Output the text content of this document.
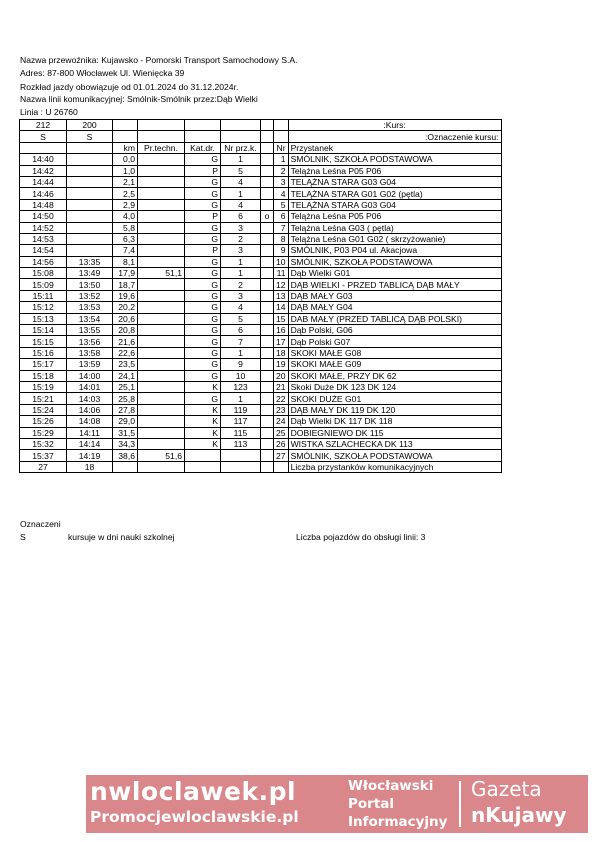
Nazwa przewoźnika: Kujawsko - Pomorski Transport Samochodowy S.A.
Adres: 87-800 Włocławek Ul. Wienięcka 39
Rozkład jazdy obowiązuje od 01.01.2024 do 31.12.2024r.
Nazwa linii komunikacyjnej: Smólnik-Smólnik przez:Dąb Wielki
Linia : U 26760
212	200							:Kurs:
S	S							:Oznaczenie kursu:
		km	Pr.techn.	Kat.dr.	Nr prz.k.		Nr	Przystanek
14:40		0,0		G	1		1	SMÓLNIK, SZKOŁA PODSTAWOWA
14:42		1,0		P	5		2	Telążna Leśna P05 P06
14:44		2,1		G	4		3	TELĄŻNA STARA G03 G04
14:46		2,5		G	1		4	TELĄŻNA STARA G01 G02 (pętla)
14:48		2,9		G	4		5	TELĄŻNA STARA G03 G04
14:50		4,0		P	6	o	6	Telążna Leśna P05 P06
14:52		5,8		G	3		7	Telążna Leśna G03 ( pętla)
14:53		6,3		G	2		8	Telążna Leśna G01 G02 ( skrzyżowanie)
14:54		7,4		P	3		9	SMÓLNIK, P03 P04 ul. Akacjowa
14:56	13:35	8,1		G	1		10	SMÓLNIK, SZKOŁA PODSTAWOWA
15:08	13:49	17,9	51,1	G	1		11	Dąb Wielki G01
15:09	13:50	18,7		G	2		12	DĄB WIELKI - PRZED TABLICĄ DĄB MAŁY
15:11	13:52	19,6		G	3		13	DĄB MAŁY G03
15:12	13:53	20,2		G	4		14	DĄB MAŁY G04
15:13	13:54	20,6		G	5		15	DAB MAŁY (PRZED TABLICĄ DĄB POLSKI)
15:14	13:55	20,8		G	6		16	Dąb Polski, G06
15:15	13:56	21,6		G	7		17	Dąb Polski G07
15:16	13:58	22,6		G	1		18	SKOKI MAŁE G08
15:17	13:59	23,5		G	9		19	SKOKI MAŁE G09
15:18	14:00	24,1		G	10		20	SKOKI MAŁE, PRZY DK 62
15:19	14:01	25,1		K	123		21	Skoki Duże DK 123 DK 124
15:21	14:03	25,8		G	1		22	SKOKI DUŻE G01
15:24	14:06	27,8		K	119		23	DĄB MAŁY DK 119 DK 120
15:26	14:08	29,0		K	117		24	Dąb Wielki DK 117 DK 118
15:29	14:11	31,5		K	115		25	DOBIEGNIEWO DK 115
15:32	14:14	34,3		K	113		26	WISTKA SZLACHECKA DK 113
15:37	14:19	38,6	51,6				27	SMÓLNIK, SZKOŁA PODSTAWOWA
27	18							Liczba przystanków komunikacyjnych
Oznaczeni
S	kursuje w dni nauki szkolnej	Liczba pojazdów do obsługi linii: 3
nwloclawek.pl
Promocjewloclawskie.pl
Włocławski
Portal
Informacyjny
Gazeta
nKujawy
